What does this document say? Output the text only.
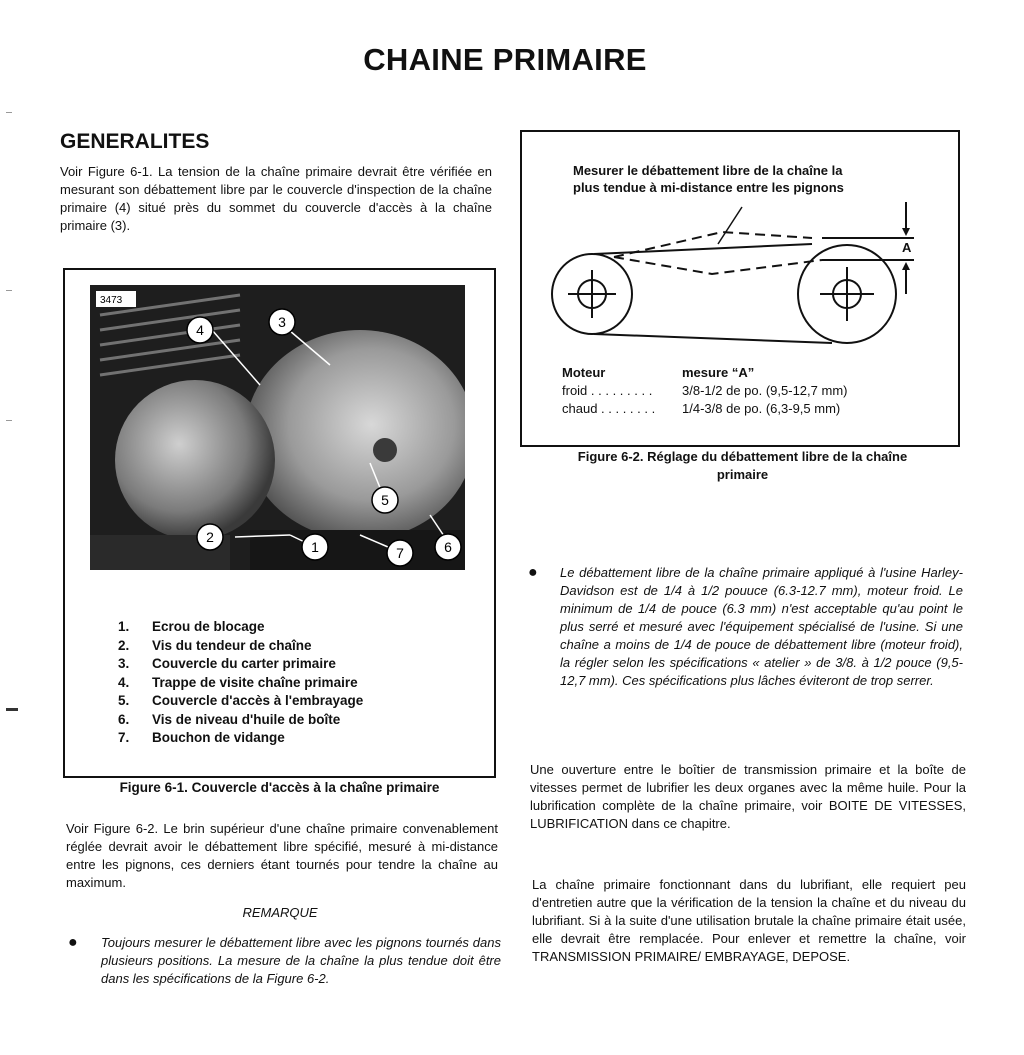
CHAINE PRIMAIRE
GENERALITES
Voir Figure 6-1. La tension de la chaîne primaire devrait être vérifiée en mesurant son débattement libre par le couvercle d'inspection de la chaîne primaire (4) situé près du sommet du couvercle d'accès à la chaîne primaire (3).
3473
4	3
5
2
1	7	6
1. Ecrou de blocage
2. Vis du tendeur de chaîne
3. Couvercle du carter primaire
4. Trappe de visite chaîne primaire
5. Couvercle d'accès à l'embrayage
6. Vis de niveau d'huile de boîte
7. Bouchon de vidange
Figure 6-1. Couvercle d'accès à la chaîne primaire
Voir Figure 6-2. Le brin supérieur d'une chaîne primaire convenablement réglée devrait avoir le débattement libre spécifié, mesuré à mi-distance entre les pignons, ces derniers étant tournés pour tendre la chaîne au maximum.
REMARQUE
● Toujours mesurer le débattement libre avec les pignons tournés dans plusieurs positions. La mesure de la chaîne la plus tendue doit être dans les spécifications de la Figure 6-2.
Mesurer le débattement libre de la chaîne la
plus tendue à mi-distance entre les pignons
A
Moteur	mesure “A”
froid . . . . . . . . . 3/8-1/2 de po. (9,5-12,7 mm)
chaud . . . . . . . . 1/4-3/8 de po. (6,3-9,5 mm)
Figure 6-2. Réglage du débattement libre de la chaîne
primaire
● Le débattement libre de la chaîne primaire appliqué à l'usine Harley-Davidson est de 1/4 à 1/2 pouuce (6.3-12.7 mm), moteur froid. Le minimum de 1/4 de pouce (6.3 mm) n'est acceptable qu'au point le plus serré et mesuré avec l'équipement spécialisé de l'usine. Si une chaîne a moins de 1/4 de pouce de débattement libre (moteur froid), la régler selon les spécifications « atelier » de 3/8. à 1/2 pouce (9,5-12,7 mm). Ces spécifications plus lâches éviteront de trop serrer.
Une ouverture entre le boîtier de transmission primaire et la boîte de vitesses permet de lubrifier les deux organes avec la même huile. Pour la lubrification complète de la chaîne primaire, voir BOITE DE VITESSES, LUBRIFICATION dans ce chapitre.
La chaîne primaire fonctionnant dans du lubrifiant, elle requiert peu d'entretien autre que la vérification de la tension la chaîne et du niveau du lubrifiant. Si à la suite d'une utilisation brutale la chaîne primaire était usée, elle devrait être remplacée. Pour enlever et remettre la chaîne, voir TRANSMISSION PRIMAIRE/ EMBRAYAGE, DEPOSE.
